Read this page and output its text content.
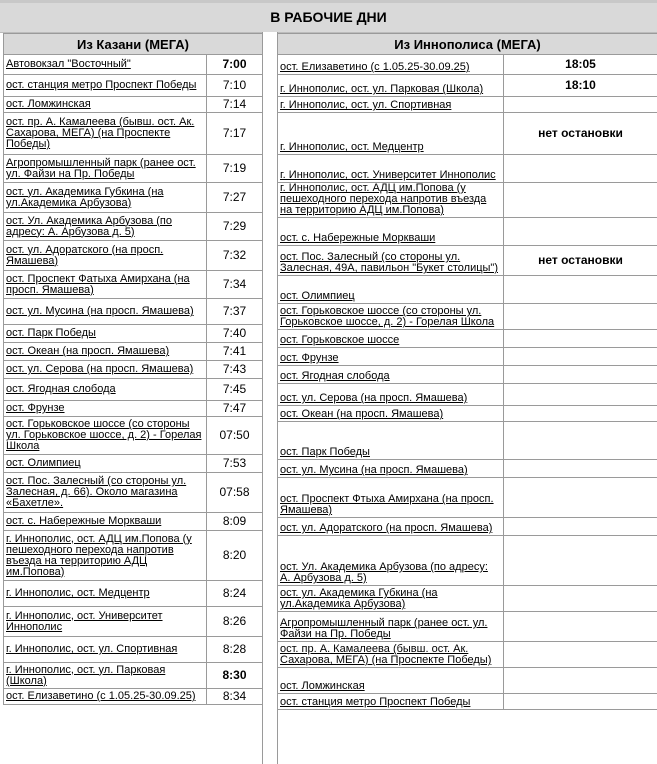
В РАБОЧИЕ ДНИ
Из Казани (МЕГА)	
Автовокзал "Восточный"	7:00
ост. станция метро Проспект Победы	7:10
ост. Ломжинская	7:14
ост. пр. А. Камалеева (бывш. ост. Ак. Сахарова, МЕГА) (на Проспекте Победы)	7:17
Агропромышленный парк (ранее ост. ул. Файзи на Пр. Победы	7:19
ост. ул. Академика Губкина (на ул.Академика Арбузова)	7:27
ост. Ул. Академика Арбузова (по адресу: А. Арбузова д. 5)	7:29
ост. ул. Адоратского (на просп. Ямашева)	7:32
ост. Проспект Фатыха Амирхана (на просп. Ямашева)	7:34
ост. ул. Мусина (на просп. Ямашева)	7:37
ост. Парк Победы	7:40
ост. Океан (на просп. Ямашева)	7:41
ост. ул. Серова (на просп. Ямашева)	7:43
ост. Ягодная слобода	7:45
ост. Фрунзе	7:47
ост. Горьковское шоссе (со стороны ул. Горьковское шоссе, д. 2) - Горелая Школа	07:50
ост. Олимпиец	7:53
ост. Пос. Залесный (со стороны ул. Залесная, д. 66). Около магазина «Бахетле».	07:58
ост. с. Набережные Моркваши	8:09
г. Иннополис, ост. АДЦ им.Попова (у пешеходного перехода напротив въезда на территорию АДЦ им.Попова)	8:20
г. Иннополис, ост. Медцентр	8:24
г. Иннополис, ост. Университет Иннополис	8:26
г. Иннополис, ост. ул. Спортивная	8:28
г. Иннополис, ост. ул. Парковая (Школа)	8:30
ост. Елизаветино (с 1.05.25-30.09.25)	8:34
Из Иннополиса (МЕГА)	
ост. Елизаветино (с 1.05.25-30.09.25)	18:05
г. Иннополис, ост. ул. Парковая (Школа)	18:10
г. Иннополис, ост. ул. Спортивная	
г. Иннополис, ост. Медцентр	нет остановки
г. Иннополис, ост. Университет Иннополис	
г. Иннополис, ост. АДЦ им.Попова (у пешеходного перехода напротив въезда на территорию АДЦ им.Попова)	
ост. с. Набережные Моркваши	
ост. Пос. Залесный (со стороны ул. Залесная, 49А, павильон "Букет столицы")	нет остановки
ост. Олимпиец	
ост. Горьковское шоссе (со стороны ул. Горьковское шоссе, д. 2) - Горелая Школа	
ост. Горьковское шоссе	
ост. Фрунзе	
ост. Ягодная слобода	
ост. ул. Серова (на просп. Ямашева)	
ост. Океан (на просп. Ямашева)	
ост. Парк Победы	
ост. ул. Мусина (на просп. Ямашева)	
ост. Проспект Фтыха Амирхана (на просп. Ямашева)	
ост. ул. Адоратского (на просп. Ямашева)	
ост. Ул. Академика Арбузова (по адресу: А. Арбузова д. 5)	
ост. ул. Академика Губкина (на ул.Академика Арбузова)	
Агропромышленный парк (ранее ост. ул. Файзи на Пр. Победы	
ост. пр. А. Камалеева (бывш. ост. Ак. Сахарова, МЕГА) (на Проспекте Победы)	
ост. Ломжинская	
ост. станция метро Проспект Победы	
